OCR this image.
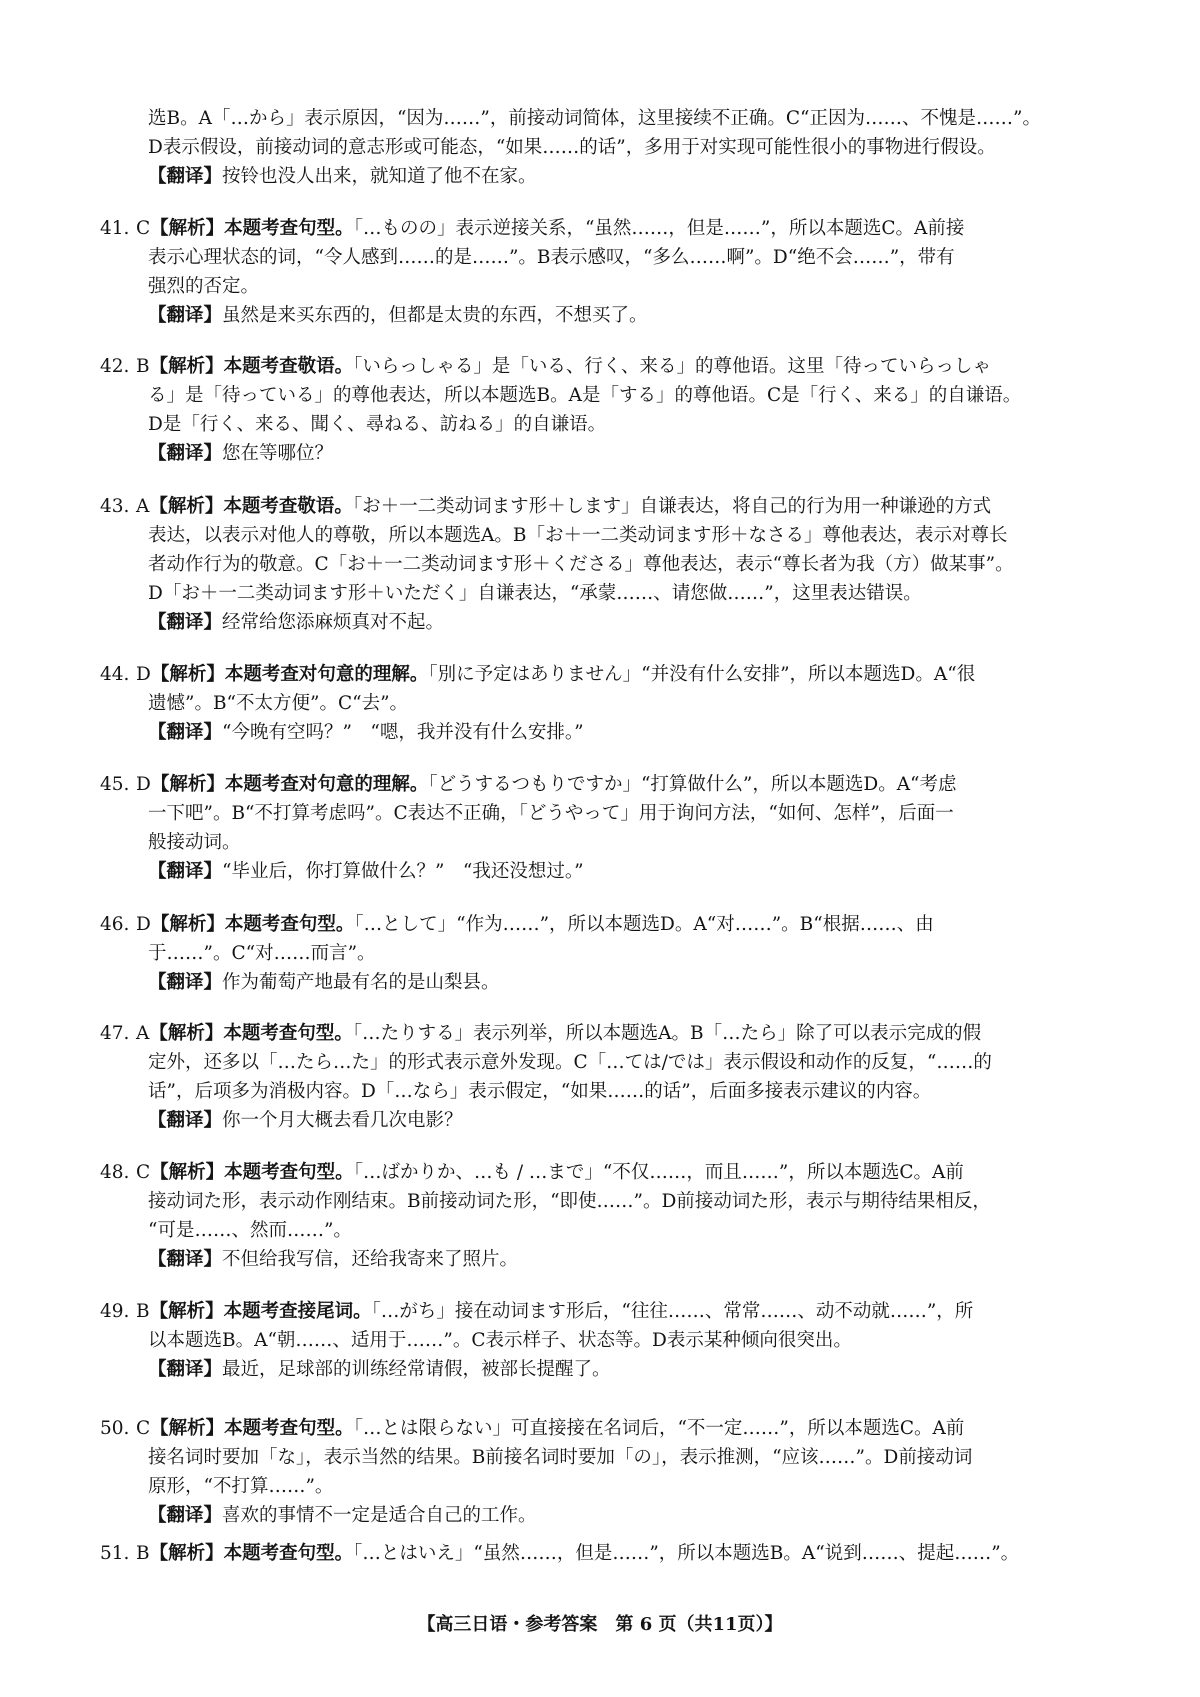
选B。A「…から」表示原因，“因为……”，前接动词简体，这里接续不正确。C“正因为……、不愧是……”。
D表示假设，前接动词的意志形或可能态，“如果……的话”，多用于对实现可能性很小的事物进行假设。
【翻译】按铃也没人出来，就知道了他不在家。
41. C【解析】本题考查句型。「…ものの」表示逆接关系，“虽然……，但是……”，所以本题选C。A前接
表示心理状态的词，“令人感到……的是……”。B表示感叹，“多么……啊”。D“绝不会……”，带有
强烈的否定。
【翻译】虽然是来买东西的，但都是太贵的东西，不想买了。
42. B【解析】本题考查敬语。「いらっしゃる」是「いる、行く、来る」的尊他语。这里「待っていらっしゃ
る」是「待っている」的尊他表达，所以本题选B。A是「する」的尊他语。C是「行く、来る」的自谦语。
D是「行く、来る、聞く、尋ねる、訪ねる」的自谦语。
【翻译】您在等哪位？
43. A【解析】本题考查敬语。「お＋一二类动词ます形＋します」自谦表达，将自己的行为用一种谦逊的方式
表达，以表示对他人的尊敬，所以本题选A。B「お＋一二类动词ます形＋なさる」尊他表达，表示对尊长
者动作行为的敬意。C「お＋一二类动词ます形＋くださる」尊他表达，表示“尊长者为我（方）做某事”。
D「お＋一二类动词ます形＋いただく」自谦表达，“承蒙……、请您做……”，这里表达错误。
【翻译】经常给您添麻烦真对不起。
44. D【解析】本题考查对句意的理解。「別に予定はありません」“并没有什么安排”，所以本题选D。A“很
遗憾”。B“不太方便”。C“去”。
【翻译】“今晚有空吗？”　“嗯，我并没有什么安排。”
45. D【解析】本题考查对句意的理解。「どうするつもりですか」“打算做什么”，所以本题选D。A“考虑
一下吧”。B“不打算考虑吗”。C表达不正确，「どうやって」用于询问方法，“如何、怎样”，后面一
般接动词。
【翻译】“毕业后，你打算做什么？”　“我还没想过。”
46. D【解析】本题考查句型。「…として」“作为……”，所以本题选D。A“对……”。B“根据……、由
于……”。C“对……而言”。
【翻译】作为葡萄产地最有名的是山梨县。
47. A【解析】本题考查句型。「…たりする」表示列举，所以本题选A。B「…たら」除了可以表示完成的假
定外，还多以「…たら…た」的形式表示意外发现。C「…ては/では」表示假设和动作的反复，“……的
话”，后项多为消极内容。D「…なら」表示假定，“如果……的话”，后面多接表示建议的内容。
【翻译】你一个月大概去看几次电影？
48. C【解析】本题考查句型。「…ばかりか、…も / …まで」“不仅……，而且……”，所以本题选C。A前
接动词た形，表示动作刚结束。B前接动词た形，“即使……”。D前接动词た形，表示与期待结果相反，
“可是……、然而……”。
【翻译】不但给我写信，还给我寄来了照片。
49. B【解析】本题考查接尾词。「…がち」接在动词ます形后，“往往……、常常……、动不动就……”，所
以本题选B。A“朝……、适用于……”。C表示样子、状态等。D表示某种倾向很突出。
【翻译】最近，足球部的训练经常请假，被部长提醒了。
50. C【解析】本题考查句型。「…とは限らない」可直接接在名词后，“不一定……”，所以本题选C。A前
接名词时要加「な」，表示当然的结果。B前接名词时要加「の」，表示推测，“应该……”。D前接动词
原形，“不打算……”。
【翻译】喜欢的事情不一定是适合自己的工作。
51. B【解析】本题考查句型。「…とはいえ」“虽然……，但是……”，所以本题选B。A“说到……、提起……”。
【高三日语・参考答案　第 6 页（共11页）】
